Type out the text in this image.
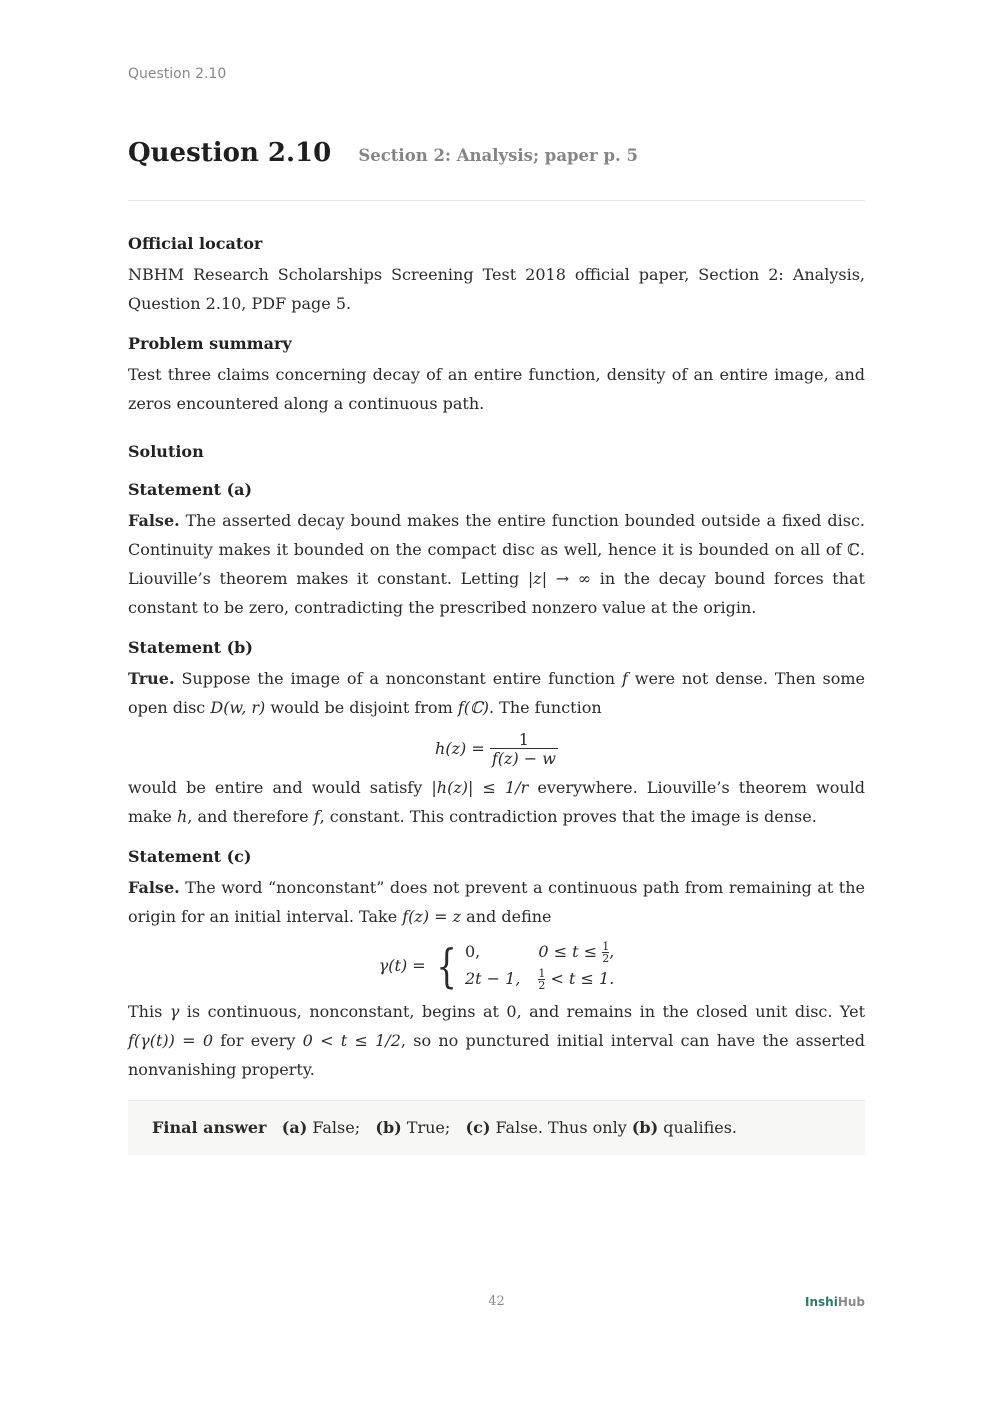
Question 2.10
Question 2.10 Section 2: Analysis; paper p. 5
Official locator

NBHM Research Scholarships Screening Test 2018 official paper, Section 2: Analysis, Question 2.10, PDF page 5.

Problem summary

Test three claims concerning decay of an entire function, density of an entire image, and zeros encountered along a continuous path.

Solution
Statement (a)

False. The asserted decay bound makes the entire function bounded outside a fixed disc. Continuity makes it bounded on the compact disc as well, hence it is bounded on all of ℂ. Liouville’s theorem makes it constant. Letting |z| → ∞ in the decay bound forces that constant to be zero, contradicting the prescribed nonzero value at the origin.

Statement (b)

True. Suppose the image of a nonconstant entire function f were not dense. Then some open disc D(w, r) would be disjoint from f(ℂ). The function

$h(z) = \frac{1}{f(z) - w}$

would be entire and would satisfy |h(z)| ≤ 1/r everywhere. Liouville’s theorem would make h, and therefore f, constant. This contradiction proves that the image is dense.

Statement (c)

False. The word “nonconstant” does not prevent a continuous path from remaining at the origin for an initial interval. Take f(z) = z and define

γ(t) = { 0,	$0 \le t \le \frac{1}{2}$ ,
2t − 1, $\frac{1}{2} < t \le 1$.

This γ is continuous, nonconstant, begins at 0, and remains in the closed unit disc. Yet f(γ(t)) = 0 for every 0 < t ≤ 1/2, so no punctured initial interval can have the asserted nonvanishing property.

Final answer (a) False; (b) True; (c) False. Thus only (b) qualifies.
42	InshiHub
